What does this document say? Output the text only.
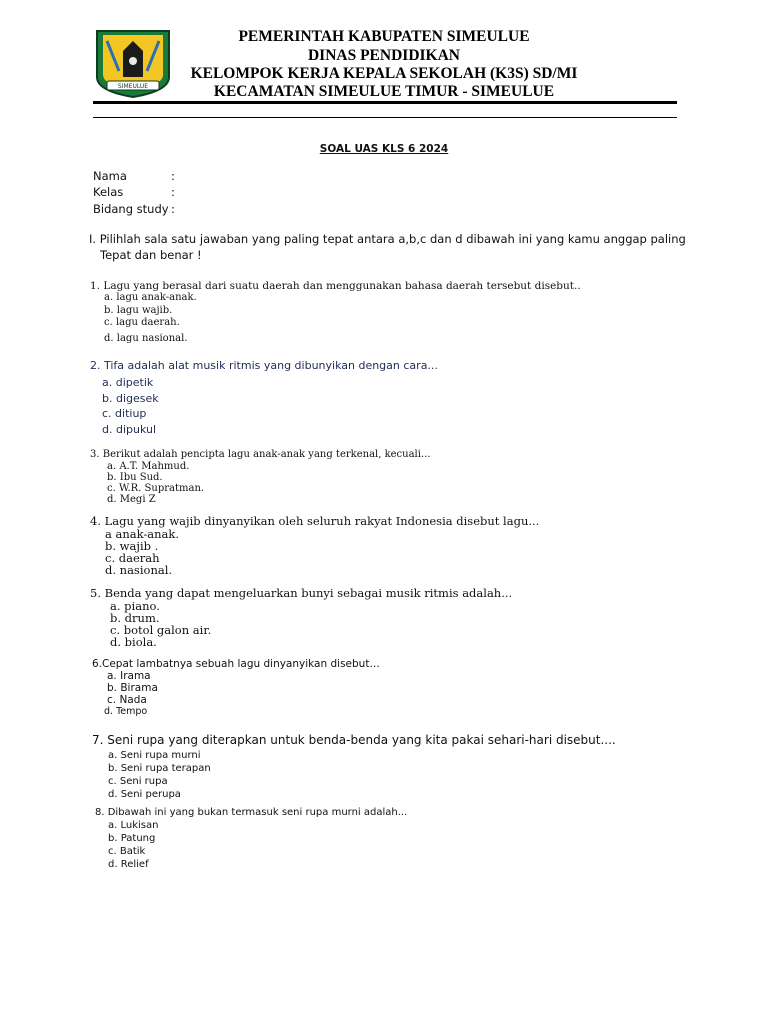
SIMEULUE
PEMERINTAH KABUPATEN SIMEULUE
DINAS PENDIDIKAN
KELOMPOK KERJA KEPALA SEKOLAH (K3S) SD/MI
KECAMATAN SIMEULUE TIMUR - SIMEULUE
SOAL UAS KLS 6 2024
Nama	:
Kelas	:
Bidang study :
I. Pilihlah sala satu jawaban yang paling tepat antara a,b,c dan d dibawah ini yang kamu anggap paling
Tepat dan benar !
1. Lagu yang berasal dari suatu daerah dan menggunakan bahasa daerah tersebut disebut..
a. lagu anak-anak.
b. lagu wajib.
c. lagu daerah.
d. lagu nasional.
2. Tifa adalah alat musik ritmis yang dibunyikan dengan cara...
a. dipetik
b. digesek
c. ditiup
d. dipukul
3. Berikut adalah pencipta lagu anak-anak yang terkenal, kecuali...
a. A.T. Mahmud.
b. Ibu Sud.
c. W.R. Supratman.
d. Megi Z
4. Lagu yang wajib dinyanyikan oleh seluruh rakyat Indonesia disebut lagu...
a anak-anak.
b. wajib .
c. daerah
d. nasional.
5. Benda yang dapat mengeluarkan bunyi sebagai musik ritmis adalah...
a. piano.
b. drum.
c. botol galon air.
d. biola.
6.Cepat lambatnya sebuah lagu dinyanyikan disebut…
a. Irama
b. Birama
c. Nada
d. Tempo
7. Seni rupa yang diterapkan untuk benda-benda yang kita pakai sehari-hari disebut....
a. Seni rupa murni
b. Seni rupa terapan
c. Seni rupa
d. Seni perupa
8. Dibawah ini yang bukan termasuk seni rupa murni adalah...
a. Lukisan
b. Patung
c. Batik
d. Relief
